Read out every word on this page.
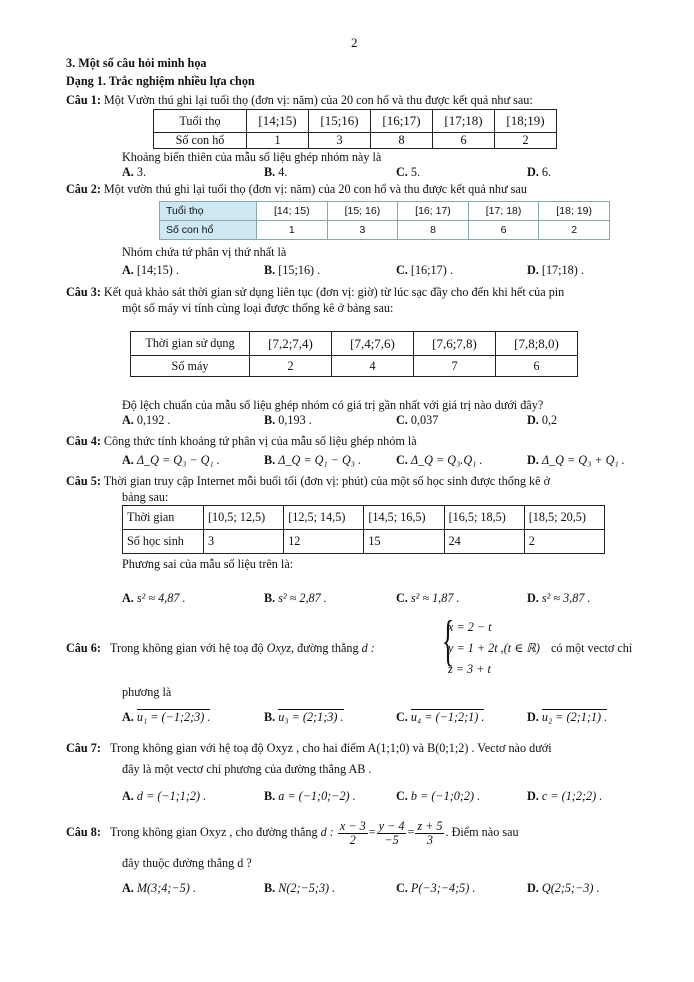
2
3. Một số câu hỏi minh họa
Dạng 1. Trắc nghiệm nhiều lựa chọn
Câu 1: Một Vườn thú ghi lại tuổi thọ (đơn vị: năm) của 20 con hổ và thu được kết quả như sau:
Tuổi thọ	[14;15)	[15;16)	[16;17)	[17;18)	[18;19)
Số con hổ	1	3	8	6	2
Khoảng biến thiên của mẫu số liệu ghép nhóm này là
A. 3.	B. 4.	C. 5.	D. 6.
Câu 2: Một vườn thú ghi lại tuổi thọ (đơn vị: năm) của 20 con hổ và thu được kết quả như sau
Tuổi thọ	[14; 15)	[15; 16)	[16; 17)	[17; 18)	[18; 19)
Số con hổ	1	3	8	6	2
Nhóm chứa tứ phân vị thứ nhất là
A. [14;15) .	B. [15;16) .	C. [16;17) .	D. [17;18) .
Câu 3: Kết quả khảo sát thời gian sử dụng liên tục (đơn vị: giờ) từ lúc sạc đầy cho đến khi hết của pin
một số máy vi tính cùng loại được thống kê ở bảng sau:
Thời gian sử dụng	[7,2;7,4)	[7,4;7,6)	[7,6;7,8)	[7,8;8,0)
Số máy	2	4	7	6
Độ lệch chuẩn của mẫu số liệu ghép nhóm có giá trị gần nhất với giá trị nào dưới đây?
A. 0,192 .	B. 0,193 .	C. 0,037	D. 0,2
Câu 4: Công thức tính khoảng tứ phân vị của mẫu số liệu ghép nhóm là
A. Δ_Q = Q₃ − Q₁ .	B. Δ_Q = Q₁ − Q₃ .	C. Δ_Q = Q₃.Q₁ .	D. Δ_Q = Q₃ + Q₁ .
Câu 5: Thời gian truy cập Internet mỗi buổi tối (đơn vị: phút) của một số học sinh được thống kê ở
bảng sau:
Thời gian	[10,5; 12,5)	[12,5; 14,5)	[14,5; 16,5)	[16,5; 18,5)	[18,5; 20,5)
Số học sinh	3	12	15	24	2
Phương sai của mẫu số liệu trên là:
A. s² ≈ 4,87 .	B. s² ≈ 2,87 .	C. s² ≈ 1,87 .	D. s² ≈ 3,87 .
Câu 6: Trong không gian với hệ toạ độ Oxyz, đường thẳng d : {
x = 2 − t
y = 1 + 2t ,(t ∈ ℝ)
z = 3 + t
có một vectơ chỉ
phương là
A. u₁ = (−1;2;3) .	B. u₃ = (2;1;3) .	C. u₄ = (−1;2;1) .	D. u₂ = (2;1;1) .
Câu 7: Trong không gian với hệ toạ độ Oxyz , cho hai điểm A(1;1;0) và B(0;1;2) . Vectơ nào dưới
đây là một vectơ chỉ phương của đường thẳng AB .
A. d = (−1;1;2) .	B. a = (−1;0;−2) .	C. b = (−1;0;2) .	D. c = (1;2;2) .
Câu 8: Trong không gian Oxyz , cho đường thẳng d : $\frac{x - 3}{2} = \frac{y - 4}{-5} = \frac{z + 5}{3}$ . Điểm nào sau
đây thuộc đường thẳng d ?
A. M(3;4;−5) .	B. N(2;−5;3) .	C. P(−3;−4;5) .	D. Q(2;5;−3) .
